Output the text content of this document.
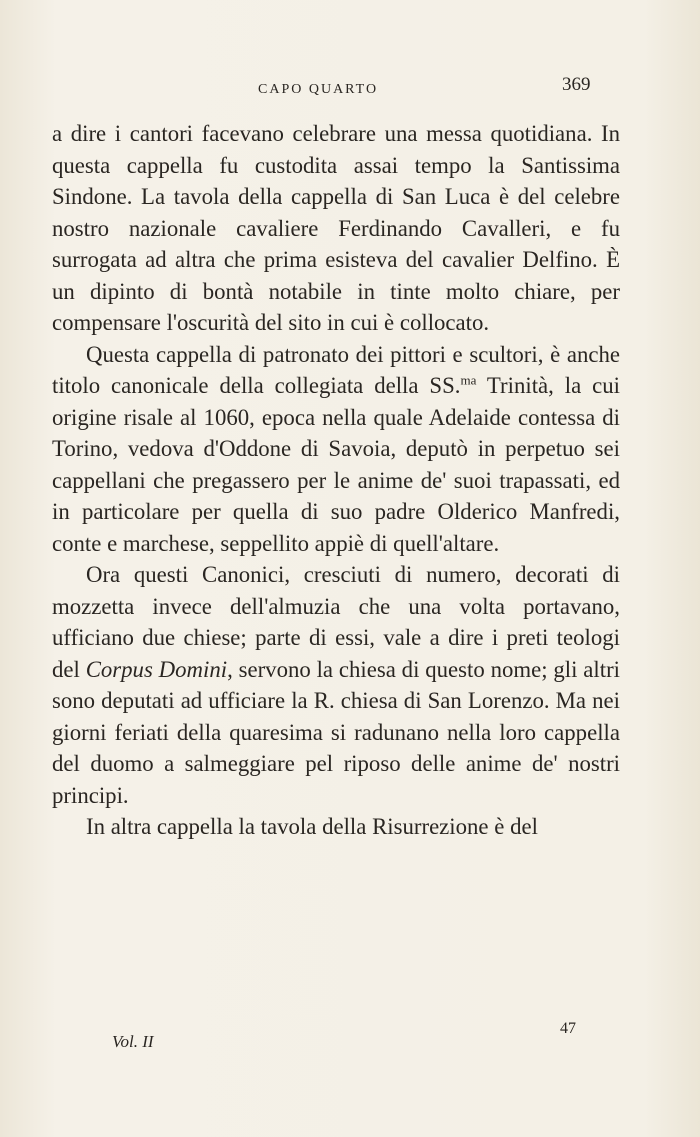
CAPO QUARTO	369

a dire i cantori facevano celebrare una messa quotidiana. In questa cappella fu custodita assai tempo la Santissima Sindone. La tavola della cappella di San Luca è del celebre nostro nazionale cavaliere Ferdinando Cavalleri, e fu surrogata ad altra che prima esisteva del cavalier Delfino. È un dipinto di bontà notabile in tinte molto chiare, per compensare l'oscurità del sito in cui è collocato.

Questa cappella di patronato dei pittori e scultori, è anche titolo canonicale della collegiata della SS.$^{ma}$ Trinità, la cui origine risale al 1060, epoca nella quale Adelaide contessa di Torino, vedova d'Oddone di Savoia, deputò in perpetuo sei cappellani che pregassero per le anime de' suoi trapassati, ed in particolare per quella di suo padre Olderico Manfredi, conte e marchese, seppellito appiè di quell'altare.

Ora questi Canonici, cresciuti di numero, decorati di mozzetta invece dell'almuzia che una volta portavano, ufficiano due chiese; parte di essi, vale a dire i preti teologi del Corpus Domini, servono la chiesa di questo nome; gli altri sono deputati ad ufficiare la R. chiesa di San Lorenzo. Ma nei giorni feriati della quaresima si radunano nella loro cappella del duomo a salmeggiare pel riposo delle anime de' nostri principi.

In altra cappella la tavola della Risurrezione è del

Vol. II
47
